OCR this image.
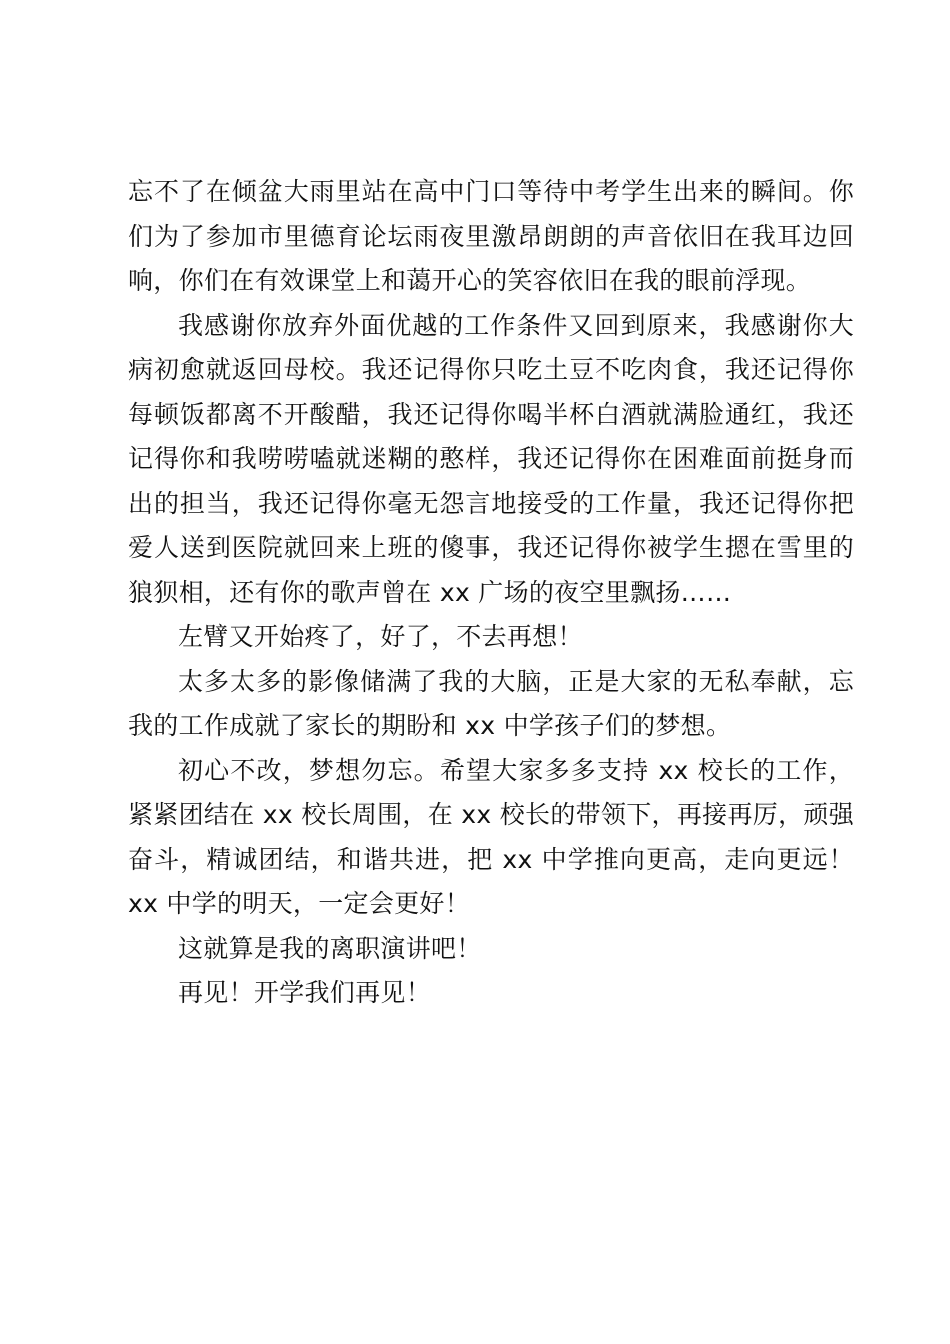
忘不了在倾盆大雨里站在高中门口等待中考学生出来的瞬间。你们为了参加市里德育论坛雨夜里激昂朗朗的声音依旧在我耳边回响，你们在有效课堂上和蔼开心的笑容依旧在我的眼前浮现。

我感谢你放弃外面优越的工作条件又回到原来，我感谢你大病初愈就返回母校。我还记得你只吃土豆不吃肉食，我还记得你每顿饭都离不开酸醋，我还记得你喝半杯白酒就满脸通红，我还记得你和我唠唠嗑就迷糊的憨样，我还记得你在困难面前挺身而出的担当，我还记得你毫无怨言地接受的工作量，我还记得你把爱人送到医院就回来上班的傻事，我还记得你被学生摁在雪里的狼狈相，还有你的歌声曾在 xx 广场的夜空里飘扬……

左臂又开始疼了，好了，不去再想！

太多太多的影像储满了我的大脑，正是大家的无私奉献，忘我的工作成就了家长的期盼和 xx 中学孩子们的梦想。

初心不改，梦想勿忘。希望大家多多支持 xx 校长的工作，紧紧团结在 xx 校长周围，在 xx 校长的带领下，再接再厉，顽强奋斗，精诚团结，和谐共进，把 xx 中学推向更高，走向更远！xx 中学的明天，一定会更好！

这就算是我的离职演讲吧！

再见！开学我们再见！
